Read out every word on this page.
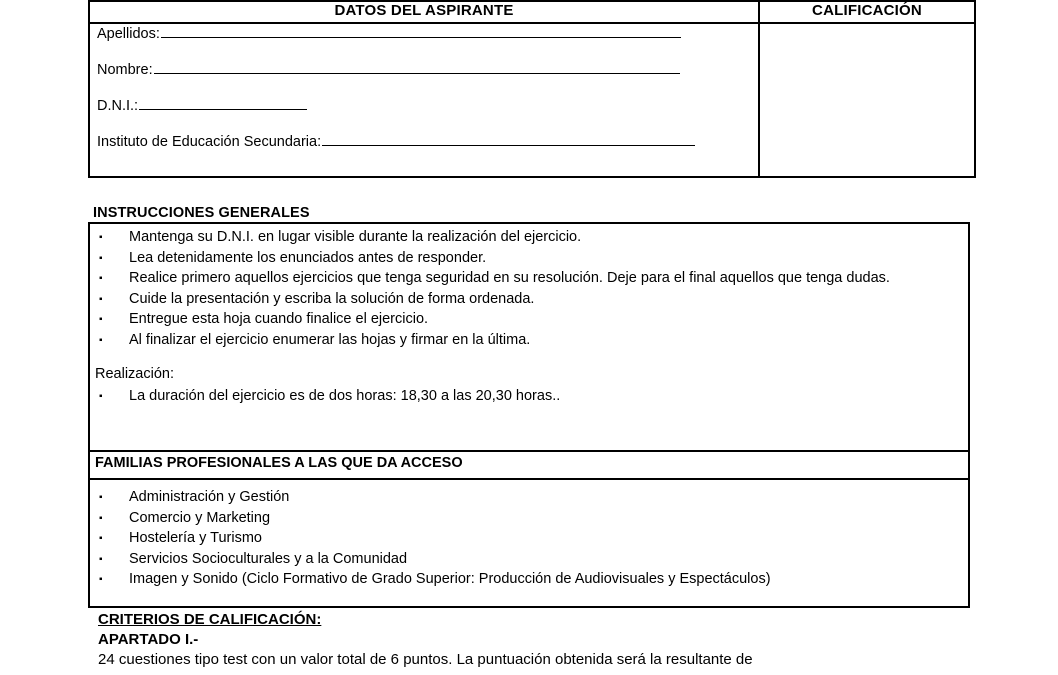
DATOS DEL ASPIRANTE	CALIFICACIÓN

Apellidos:
Nombre:
D.N.I.:
Instituto de Educación Secundaria:	

INSTRUCCIONES GENERALES
▪ Mantenga su D.N.I. en lugar visible durante la realización del ejercicio.
▪ Lea detenidamente los enunciados antes de responder.
▪ Realice primero aquellos ejercicios que tenga seguridad en su resolución. Deje para el final aquellos que tenga dudas.
▪ Cuide la presentación y escriba la solución de forma ordenada.
▪ Entregue esta hoja cuando finalice el ejercicio.
▪ Al finalizar el ejercicio enumerar las hojas y firmar en la última.
Realización:
▪ La duración del ejercicio es de dos horas: 18,30 a las 20,30 horas..
FAMILIAS PROFESIONALES A LAS QUE DA ACCESO
▪ Administración y Gestión
▪ Comercio y Marketing
▪ Hostelería y Turismo
▪ Servicios Socioculturales y a la Comunidad
▪ Imagen y Sonido (Ciclo Formativo de Grado Superior: Producción de Audiovisuales y Espectáculos)
CRITERIOS DE CALIFICACIÓN:
APARTADO I.-
24 cuestiones tipo test con un valor total de 6 puntos. La puntuación obtenida será la resultante de
